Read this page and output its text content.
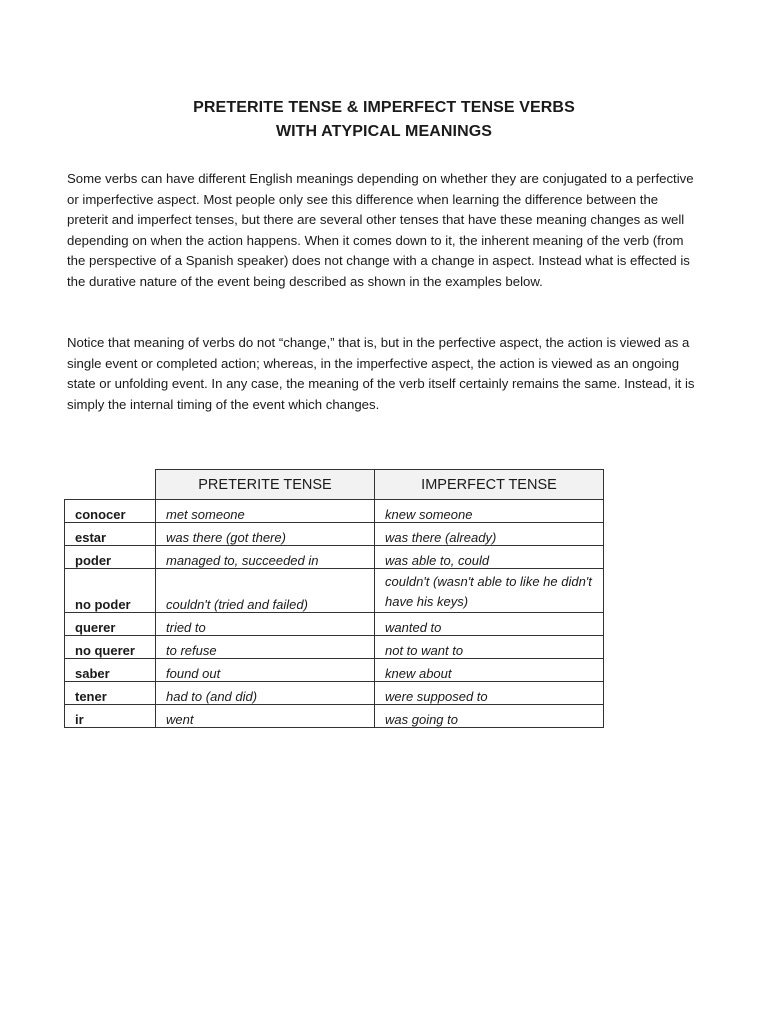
PRETERITE TENSE & IMPERFECT TENSE VERBS
WITH ATYPICAL MEANINGS

Some verbs can have different English meanings depending on whether they are conjugated to a perfective or imperfective aspect. Most people only see this difference when learning the difference between the preterit and imperfect tenses, but there are several other tenses that have these meaning changes as well depending on when the action happens. When it comes down to it, the inherent meaning of the verb (from the perspective of a Spanish speaker) does not change with a change in aspect. Instead what is effected is the durative nature of the event being described as shown in the examples below.

Notice that meaning of verbs do not “change,” that is, but in the perfective aspect, the action is viewed as a single event or completed action; whereas, in the imperfective aspect, the action is viewed as an ongoing state or unfolding event. In any case, the meaning of the verb itself certainly remains the same. Instead, it is simply the internal timing of the event which changes.

	PRETERITE TENSE	IMPERFECT TENSE
conocer	met someone	knew someone
estar	was there (got there)	was there (already)
poder	managed to, succeeded in	was able to, could
no poder	couldn't (tried and failed)	couldn't (wasn't able to like he didn't have his keys)
querer	tried to	wanted to
no querer	to refuse	not to want to
saber	found out	knew about
tener	had to (and did)	were supposed to
ir	went	was going to
